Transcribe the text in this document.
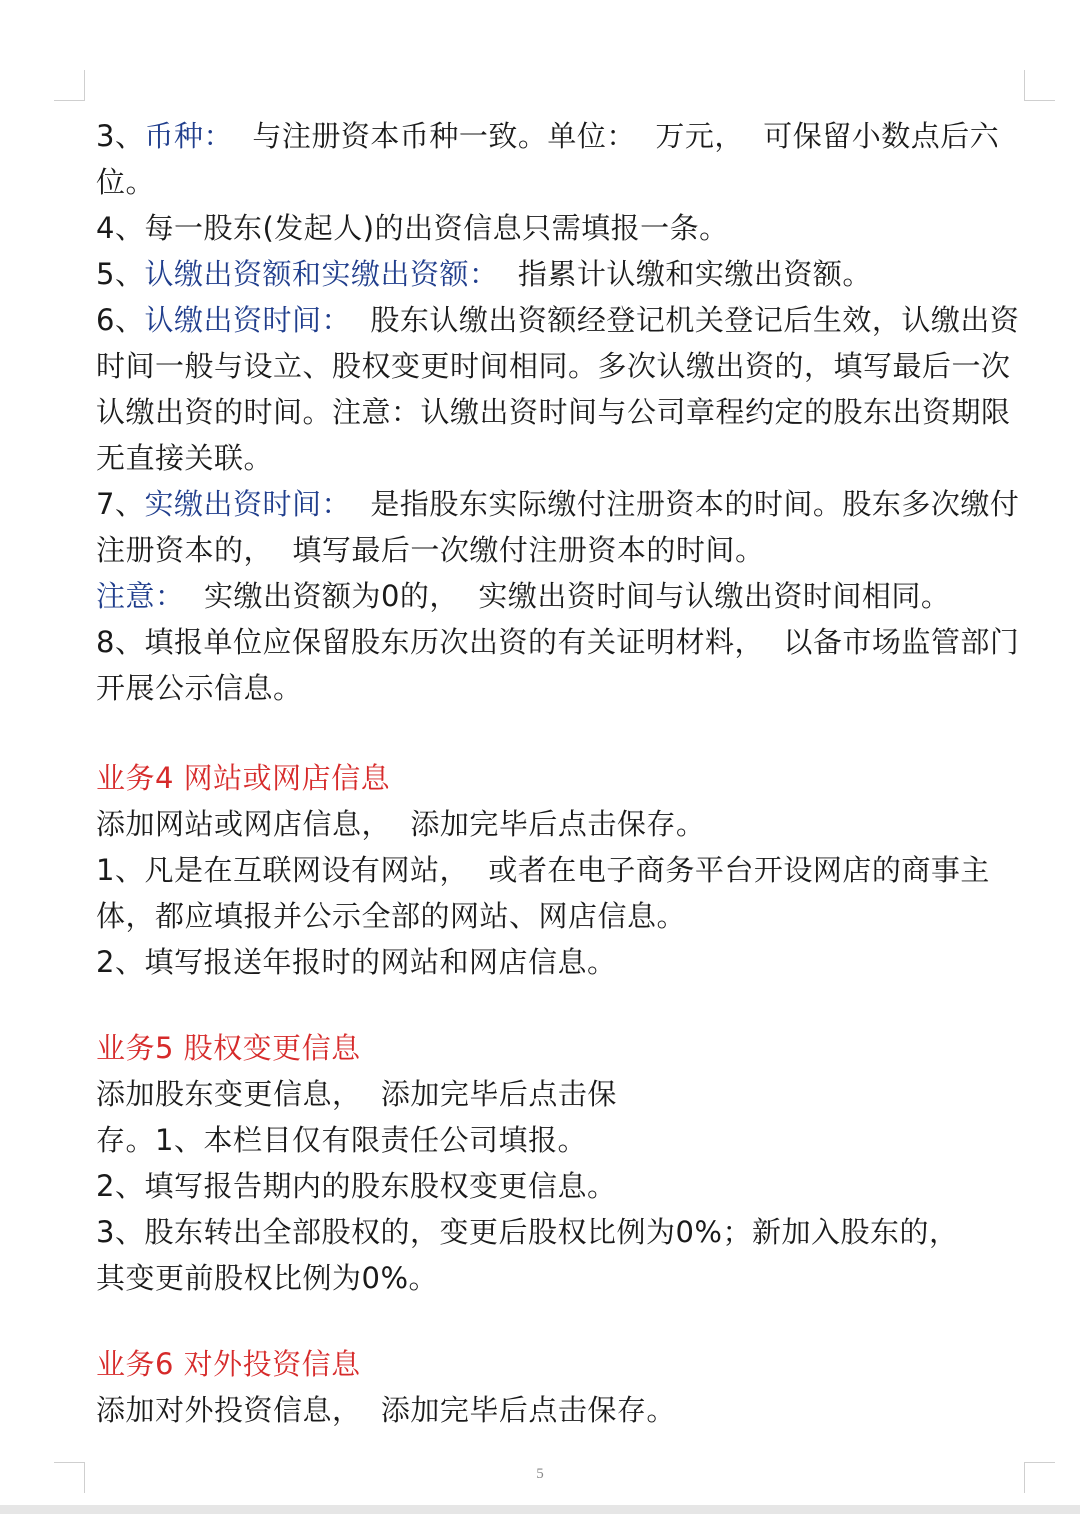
3、币种：  与注册资本币种一致。单位：  万元，  可保留小数点后六位。

4、每一股东(发起人)的出资信息只需填报一条。

5、认缴出资额和实缴出资额：  指累计认缴和实缴出资额。

6、认缴出资时间：  股东认缴出资额经登记机关登记后生效，认缴出资时间一般与设立、股权变更时间相同。多次认缴出资的，填写最后一次认缴出资的时间。注意：认缴出资时间与公司章程约定的股东出资期限无直接关联。

7、实缴出资时间：  是指股东实际缴付注册资本的时间。股东多次缴付注册资本的，  填写最后一次缴付注册资本的时间。

注意：  实缴出资额为0的，  实缴出资时间与认缴出资时间相同。

8、填报单位应保留股东历次出资的有关证明材料，  以备市场监管部门开展公示信息。

业务4 网站或网店信息

添加网站或网店信息，  添加完毕后点击保存。

1、凡是在互联网设有网站，  或者在电子商务平台开设网店的商事主体，都应填报并公示全部的网站、网店信息。

2、填写报送年报时的网站和网店信息。

业务5 股权变更信息

添加股东变更信息，  添加完毕后点击保

存。1、本栏目仅有限责任公司填报。

2、填写报告期内的股东股权变更信息。

3、股东转出全部股权的，变更后股权比例为0%；新加入股东的，其变更前股权比例为0%。

业务6 对外投资信息

添加对外投资信息，  添加完毕后点击保存。

5
